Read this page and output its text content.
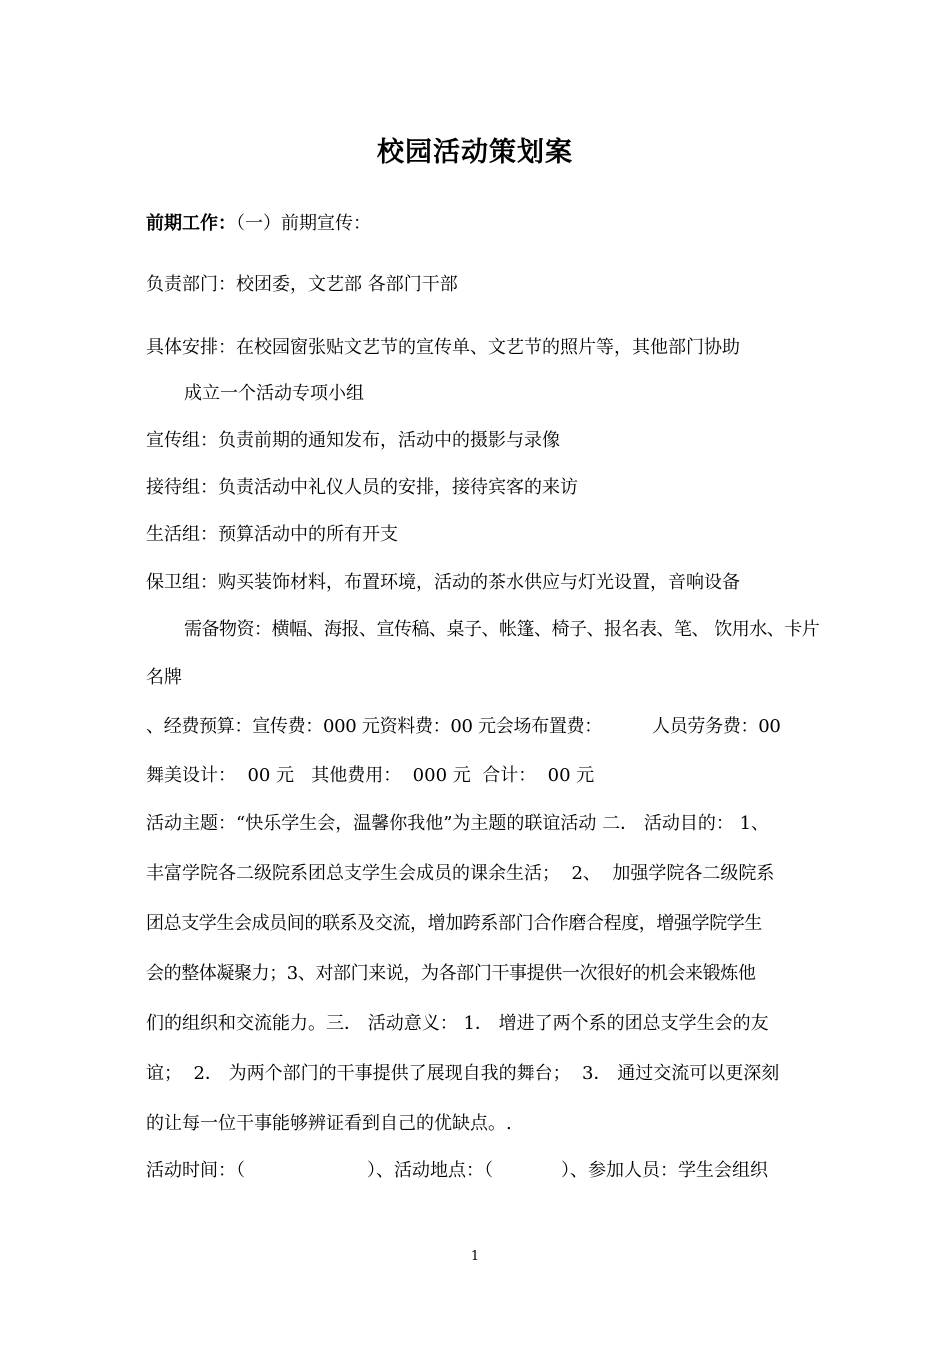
校园活动策划案
前期工作：（一）前期宣传：
负责部门：校团委，文艺部 各部门干部
具体安排：在校园窗张贴文艺节的宣传单、文艺节的照片等，其他部门协助
成立一个活动专项小组
宣传组：负责前期的通知发布，活动中的摄影与录像
接待组：负责活动中礼仪人员的安排，接待宾客的来访
生活组：预算活动中的所有开支
保卫组：购买装饰材料，布置环境，活动的茶水供应与灯光设置，音响设备
需备物资：横幅、海报、宣传稿、桌子、帐篷、椅子、报名表、笔、 饮用水、卡片
名牌
、经费预算：宣传费：000 元资料费：00 元会场布置费：	人员劳务费：00
舞美设计：  00 元   其他费用：  000 元  合计：  00 元
活动主题：“快乐学生会，温馨你我他”为主题的联谊活动 二． 活动目的： 1、
丰富学院各二级院系团总支学生会成员的课余生活；  2、  加强学院各二级院系
团总支学生会成员间的联系及交流，增加跨系部门合作磨合程度，增强学院学生
会的整体凝聚力；3、对部门来说，为各部门干事提供一次很好的机会来锻炼他
们的组织和交流能力。三． 活动意义： 1． 增进了两个系的团总支学生会的友
谊；  2． 为两个部门的干事提供了展现自我的舞台；  3． 通过交流可以更深刻
的让每一位干事能够辨证看到自己的优缺点。.
活动时间：（	）、活动地点：（	）、参加人员：学生会组织
1
